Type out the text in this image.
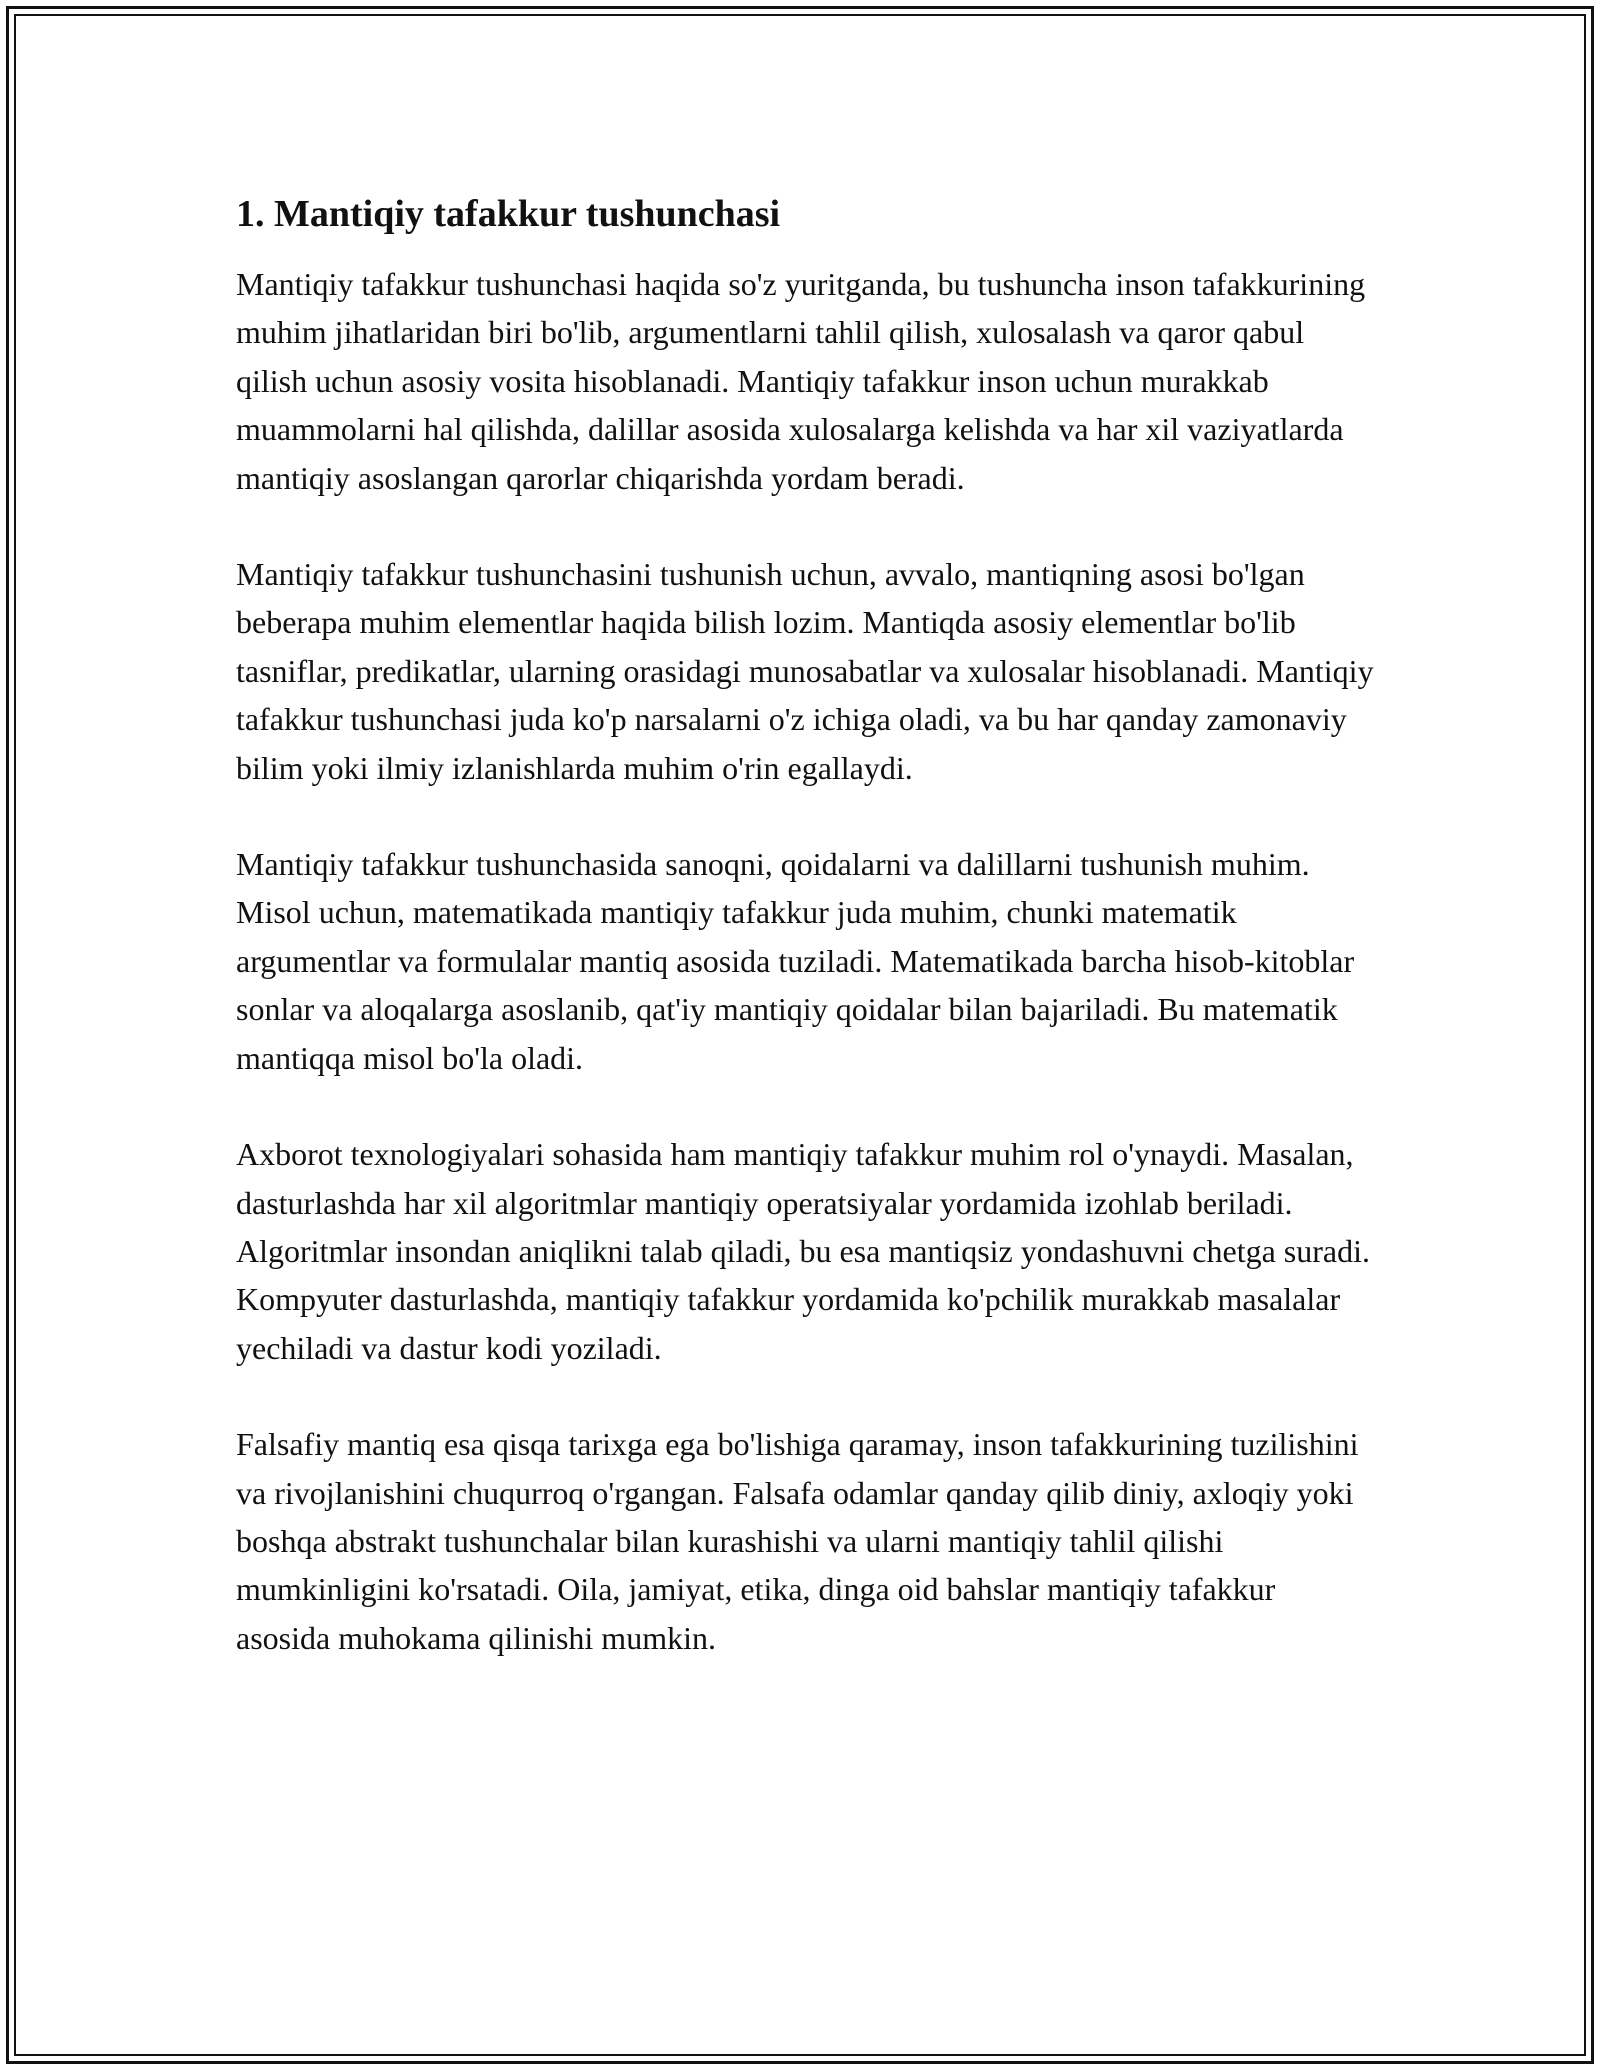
1. Mantiqiy tafakkur tushunchasi

Mantiqiy tafakkur tushunchasi haqida so'z yuritganda, bu tushuncha inson tafakkurining muhim jihatlaridan biri bo'lib, argumentlarni tahlil qilish, xulosalash va qaror qabul qilish uchun asosiy vosita hisoblanadi. Mantiqiy tafakkur inson uchun murakkab muammolarni hal qilishda, dalillar asosida xulosalarga kelishda va har xil vaziyatlarda mantiqiy asoslangan qarorlar chiqarishda yordam beradi.

Mantiqiy tafakkur tushunchasini tushunish uchun, avvalo, mantiqning asosi bo'lgan beberapa muhim elementlar haqida bilish lozim. Mantiqda asosiy elementlar bo'lib tasniflar, predikatlar, ularning orasidagi munosabatlar va xulosalar hisoblanadi. Mantiqiy tafakkur tushunchasi juda ko'p narsalarni o'z ichiga oladi, va bu har qanday zamonaviy bilim yoki ilmiy izlanishlarda muhim o'rin egallaydi.

Mantiqiy tafakkur tushunchasida sanoqni, qoidalarni va dalillarni tushunish muhim. Misol uchun, matematikada mantiqiy tafakkur juda muhim, chunki matematik argumentlar va formulalar mantiq asosida tuziladi. Matematikada barcha hisob-kitoblar sonlar va aloqalarga asoslanib, qat'iy mantiqiy qoidalar bilan bajariladi. Bu matematik mantiqqa misol bo'la oladi.

Axborot texnologiyalari sohasida ham mantiqiy tafakkur muhim rol o'ynaydi. Masalan, dasturlashda har xil algoritmlar mantiqiy operatsiyalar yordamida izohlab beriladi. Algoritmlar insondan aniqlikni talab qiladi, bu esa mantiqsiz yondashuvni chetga suradi. Kompyuter dasturlashda, mantiqiy tafakkur yordamida ko'pchilik murakkab masalalar yechiladi va dastur kodi yoziladi.

Falsafiy mantiq esa qisqa tarixga ega bo'lishiga qaramay, inson tafakkurining tuzilishini va rivojlanishini chuqurroq o'rgangan. Falsafa odamlar qanday qilib diniy, axloqiy yoki boshqa abstrakt tushunchalar bilan kurashishi va ularni mantiqiy tahlil qilishi mumkinligini ko'rsatadi. Oila, jamiyat, etika, dinga oid bahslar mantiqiy tafakkur asosida muhokama qilinishi mumkin.
